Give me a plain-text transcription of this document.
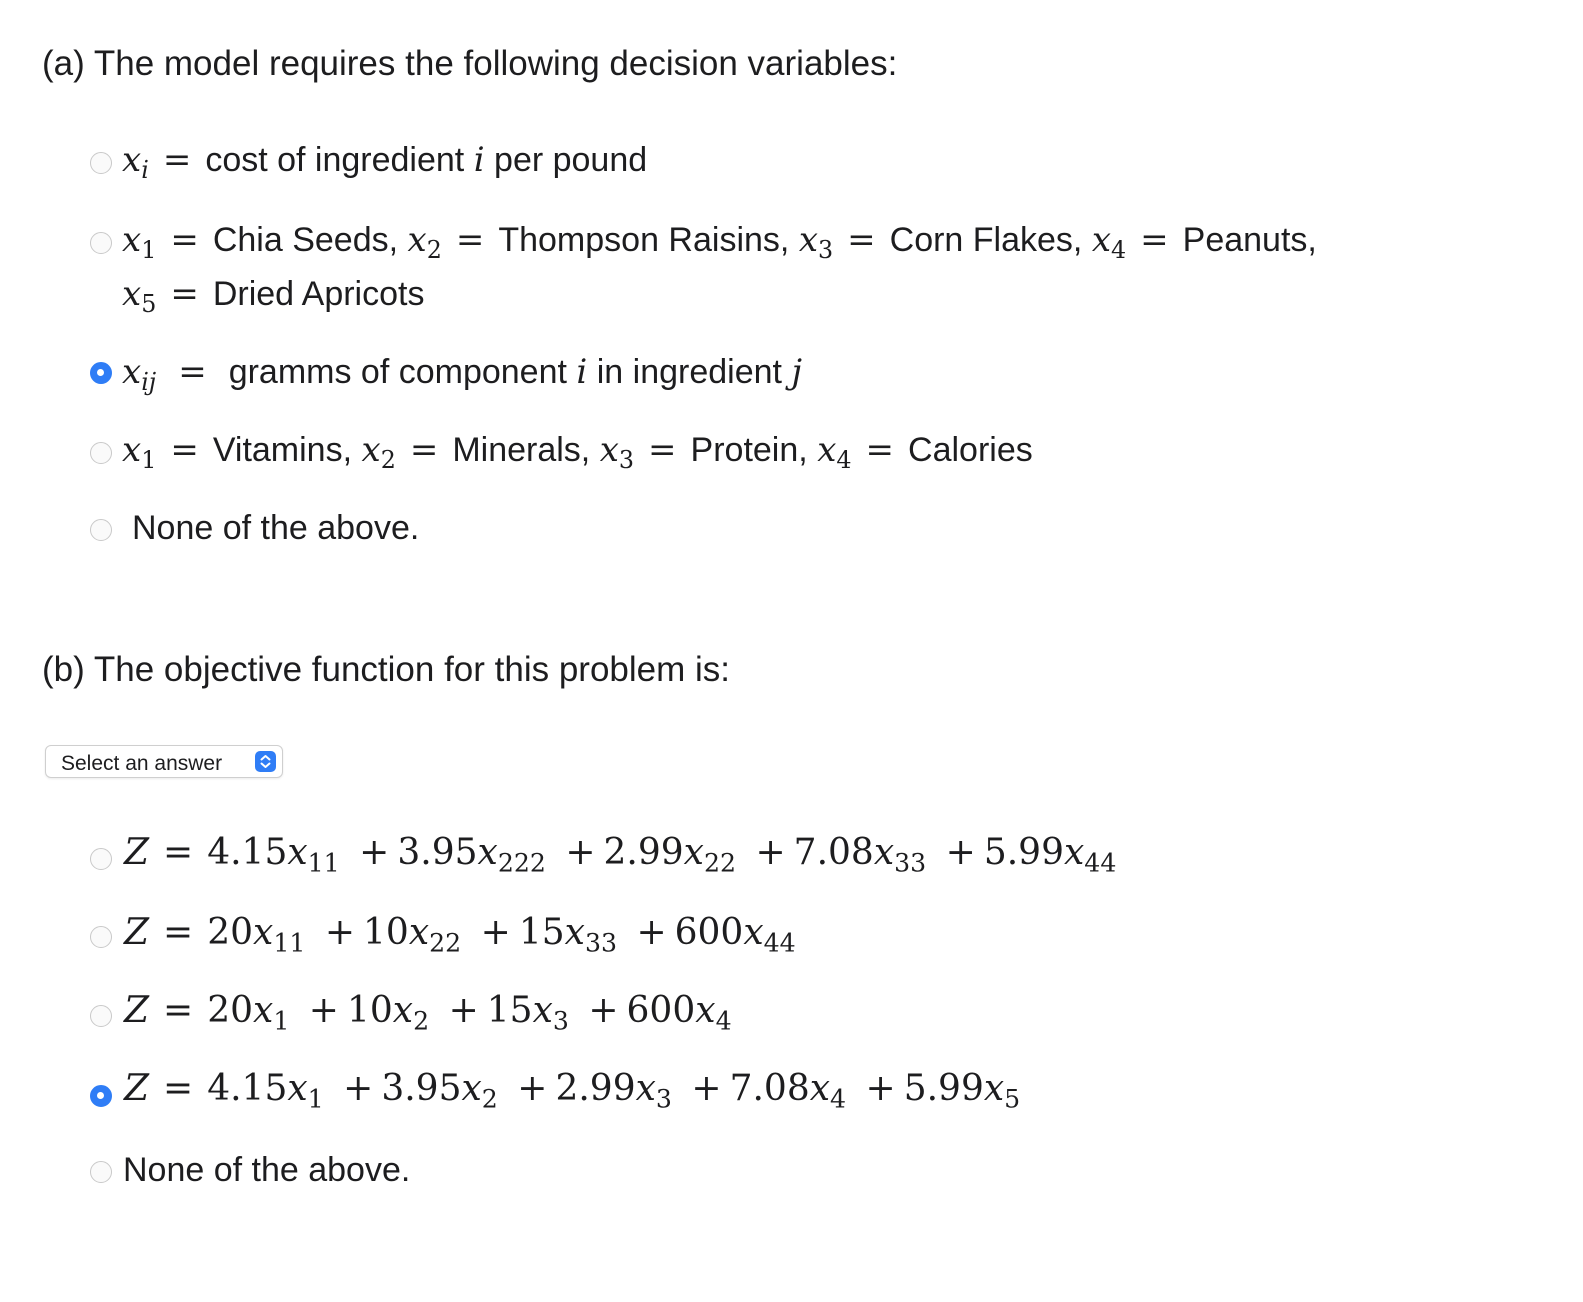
(a) The model requires the following decision variables:
$x_i = \cos t$ of ingredient i per pound
$x_1$ = Chia Seeds, $x_2$ = Thompson Raisins, $x_3$ = Corn Flakes, $x_4$ = Peanuts,
$x_5$ = Dried Apricots
$x_{ij}$ = gramms of component i in ingredient j
$x_1$ = Vitamins, $x_2$ = Minerals, $x_3$ = Protein, $x_4$ = Calories
None of the above.
(b) The objective function for this problem is:
Select an answer
$Z = 4.15x_{11} + 3.95x_{222} + 2.99x_{22} + 7.08x_{33} + 5.99x_{44}$
$Z = 20x_{11} + 10x_{22} + 15x_{33} + 600x_{44}$
$Z = 20x_1 + 10x_2 + 15x_3 + 600x_4$
$Z = 4.15x_1 + 3.95x_2 + 2.99x_3 + 7.08x_4 + 5.99x_5$
None of the above.
